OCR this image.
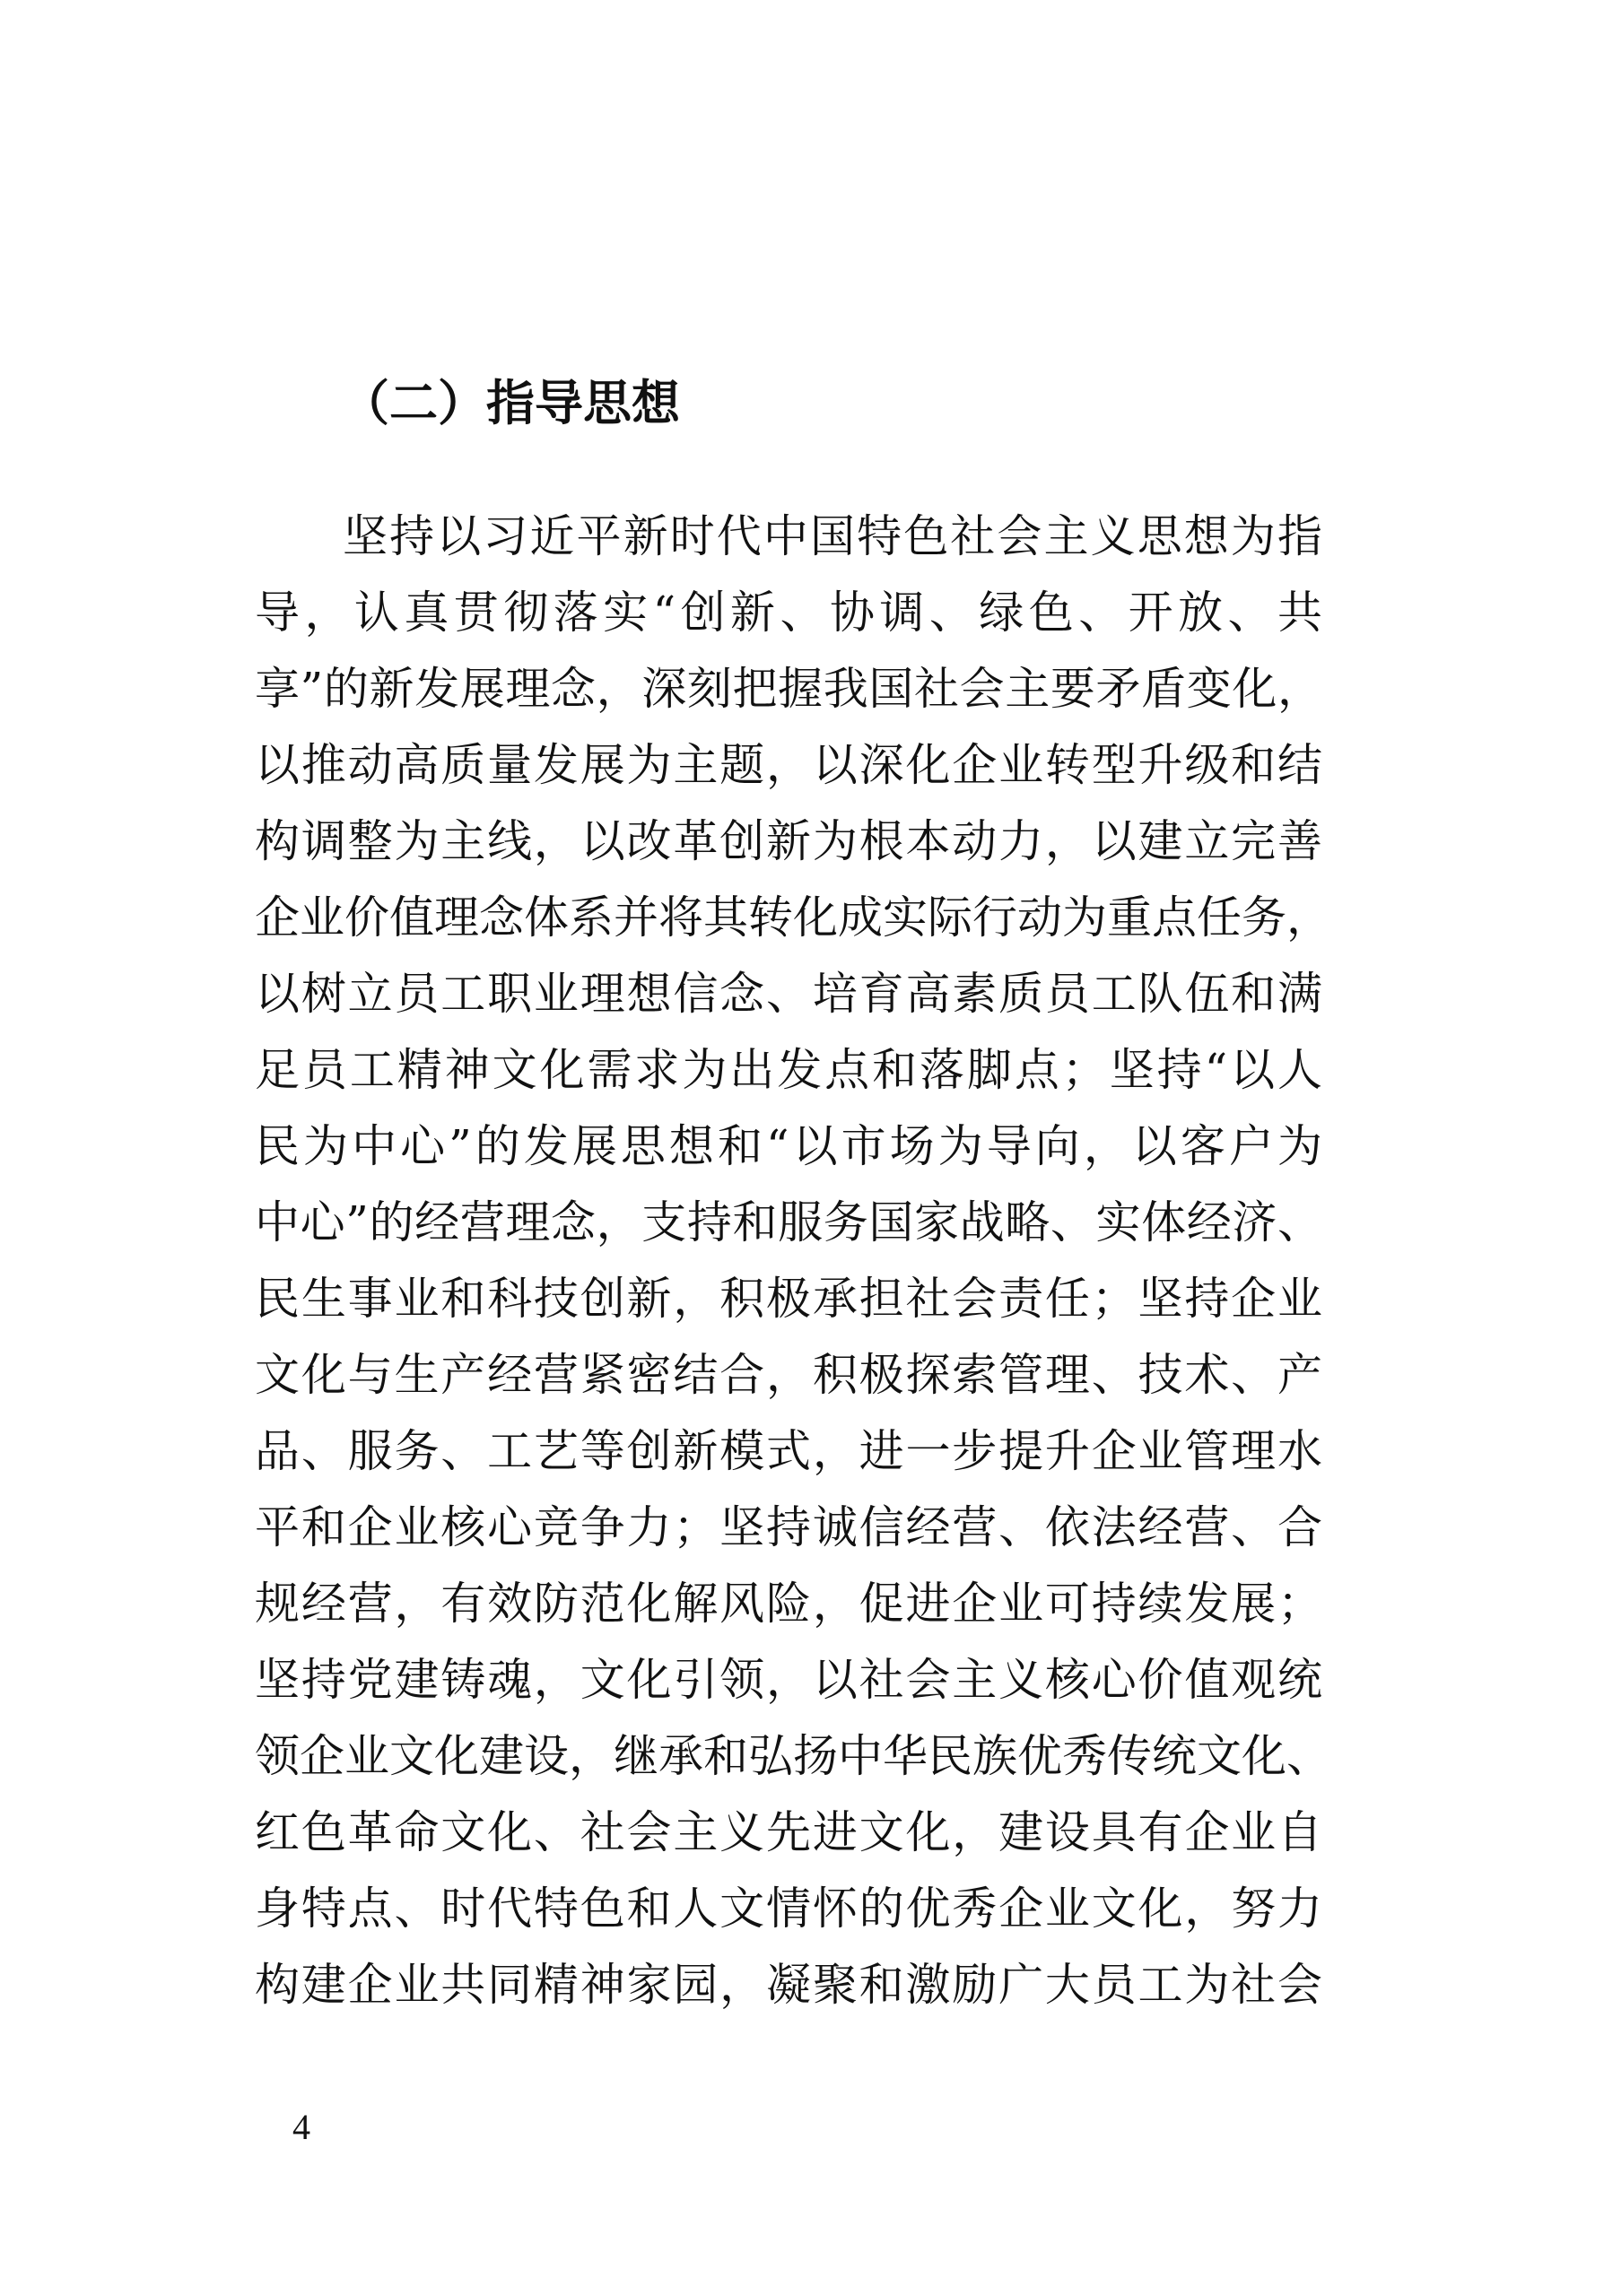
（二）指导思想
坚持以习近平新时代中国特色社会主义思想为指
导，认真贯彻落实“创新、协调、绿色、开放、共
享”的新发展理念，深刻把握我国社会主要矛盾变化，
以推动高质量发展为主题，以深化企业转型升级和结
构调整为主线，以改革创新为根本动力，以建立完善
企业价值理念体系并将其转化成实际行动为重点任务，
以树立员工职业理想信念、培育高素质员工队伍和满
足员工精神文化需求为出发点和落脚点；坚持“以人
民为中心”的发展思想和“以市场为导向，以客户为
中心”的经营理念，支持和服务国家战略、实体经济、
民生事业和科技创新，积极承担社会责任；坚持企业
文化与生产经营紧密结合，积极探索管理、技术、产
品、服务、工艺等创新模式，进一步提升企业管理水
平和企业核心竞争力；坚持诚信经营、依法经营、合
规经营，有效防范化解风险，促进企业可持续发展；
坚持党建铸魂，文化引领，以社会主义核心价值观统
领企业文化建设，继承和弘扬中华民族优秀传统文化、
红色革命文化、社会主义先进文化，建设具有企业自
身特点、时代特色和人文情怀的优秀企业文化，努力
构建企业共同精神家园，凝聚和激励广大员工为社会
4
